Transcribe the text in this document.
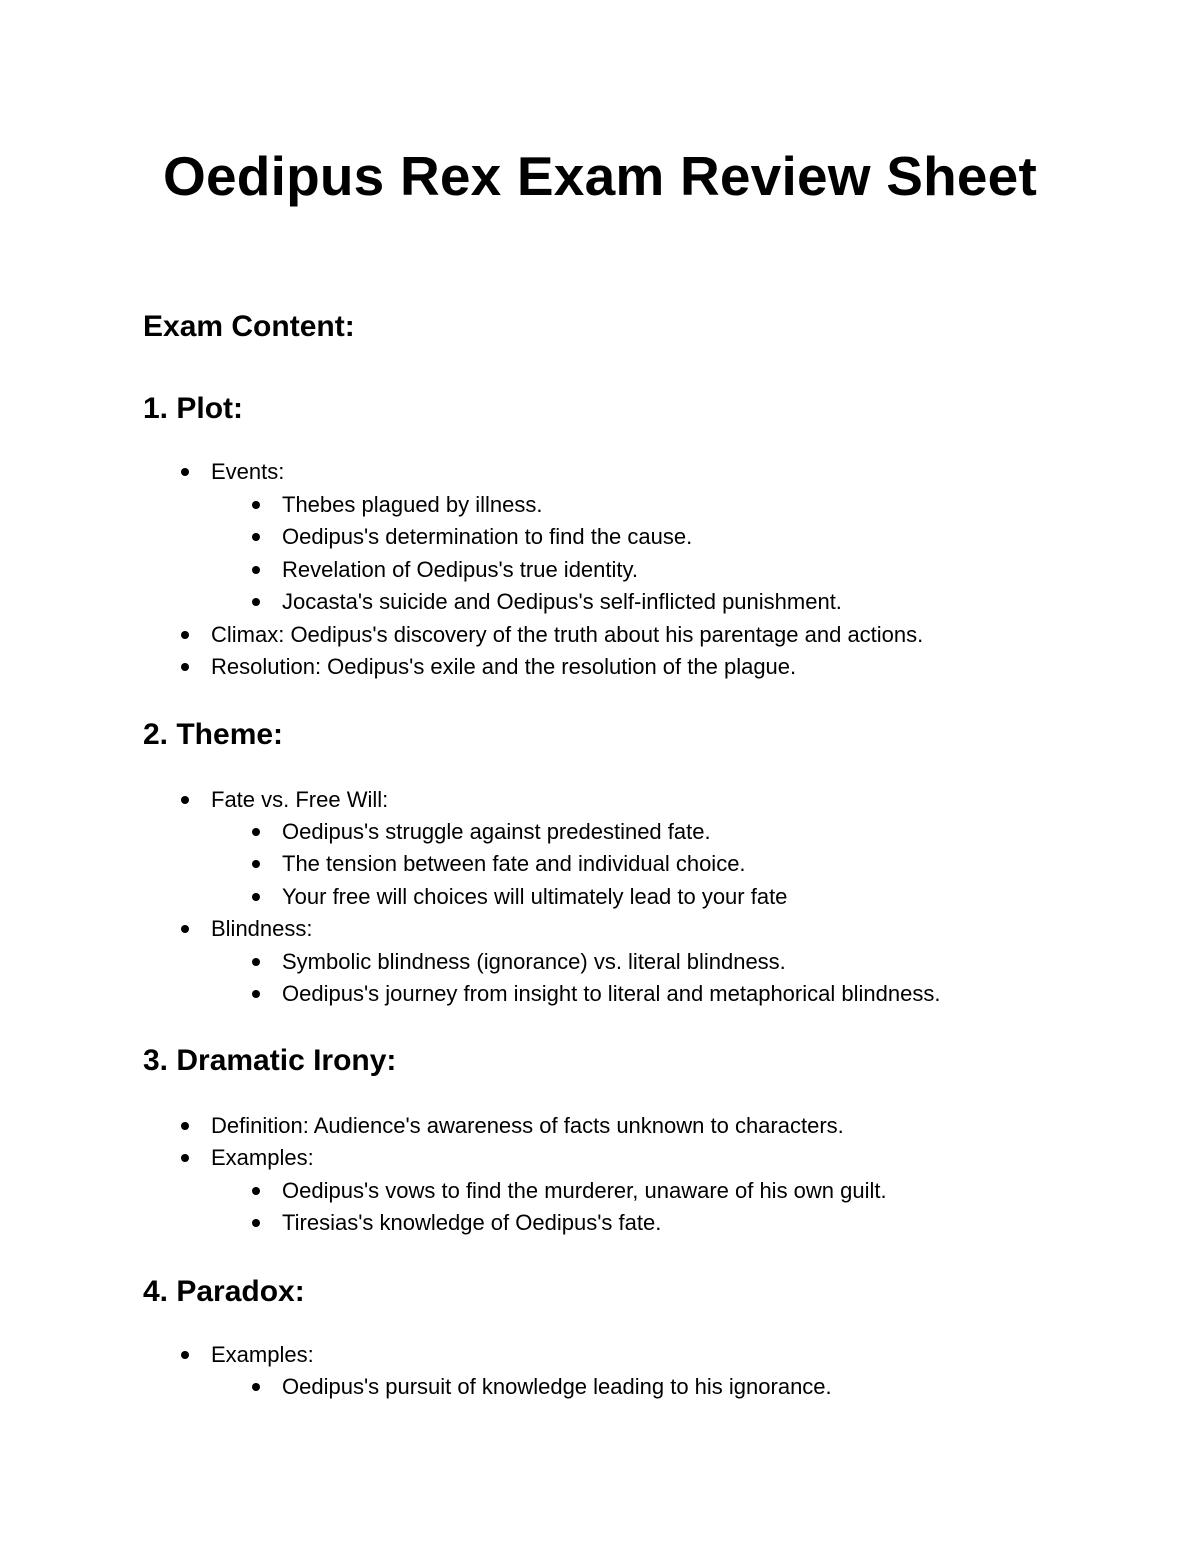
Oedipus Rex Exam Review Sheet
Exam Content:
1. Plot:
Events:
Thebes plagued by illness.
Oedipus's determination to find the cause.
Revelation of Oedipus's true identity.
Jocasta's suicide and Oedipus's self-inflicted punishment.
Climax: Oedipus's discovery of the truth about his parentage and actions.
Resolution: Oedipus's exile and the resolution of the plague.
2. Theme:
Fate vs. Free Will:
Oedipus's struggle against predestined fate.
The tension between fate and individual choice.
Your free will choices will ultimately lead to your fate
Blindness:
Symbolic blindness (ignorance) vs. literal blindness.
Oedipus's journey from insight to literal and metaphorical blindness.
3. Dramatic Irony:
Definition: Audience's awareness of facts unknown to characters.
Examples:
Oedipus's vows to find the murderer, unaware of his own guilt.
Tiresias's knowledge of Oedipus's fate.
4. Paradox:
Examples:
Oedipus's pursuit of knowledge leading to his ignorance.
